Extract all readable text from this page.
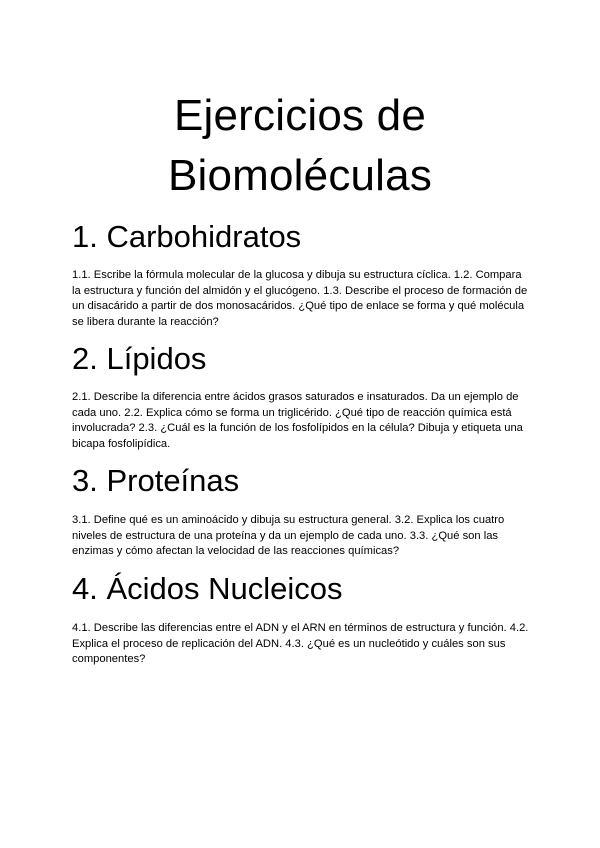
Ejercicios de Biomoléculas
1. Carbohidratos

1.1. Escribe la fórmula molecular de la glucosa y dibuja su estructura cíclica. 1.2. Compara la estructura y función del almidón y el glucógeno. 1.3. Describe el proceso de formación de un disacárido a partir de dos monosacáridos. ¿Qué tipo de enlace se forma y qué molécula se libera durante la reacción?

2. Lípidos

2.1. Describe la diferencia entre ácidos grasos saturados e insaturados. Da un ejemplo de cada uno. 2.2. Explica cómo se forma un triglicérido. ¿Qué tipo de reacción química está involucrada? 2.3. ¿Cuál es la función de los fosfolípidos en la célula? Dibuja y etiqueta una bicapa fosfolipídica.

3. Proteínas

3.1. Define qué es un aminoácido y dibuja su estructura general. 3.2. Explica los cuatro niveles de estructura de una proteína y da un ejemplo de cada uno. 3.3. ¿Qué son las enzimas y cómo afectan la velocidad de las reacciones químicas?

4. Ácidos Nucleicos

4.1. Describe las diferencias entre el ADN y el ARN en términos de estructura y función. 4.2. Explica el proceso de replicación del ADN. 4.3. ¿Qué es un nucleótido y cuáles son sus componentes?
